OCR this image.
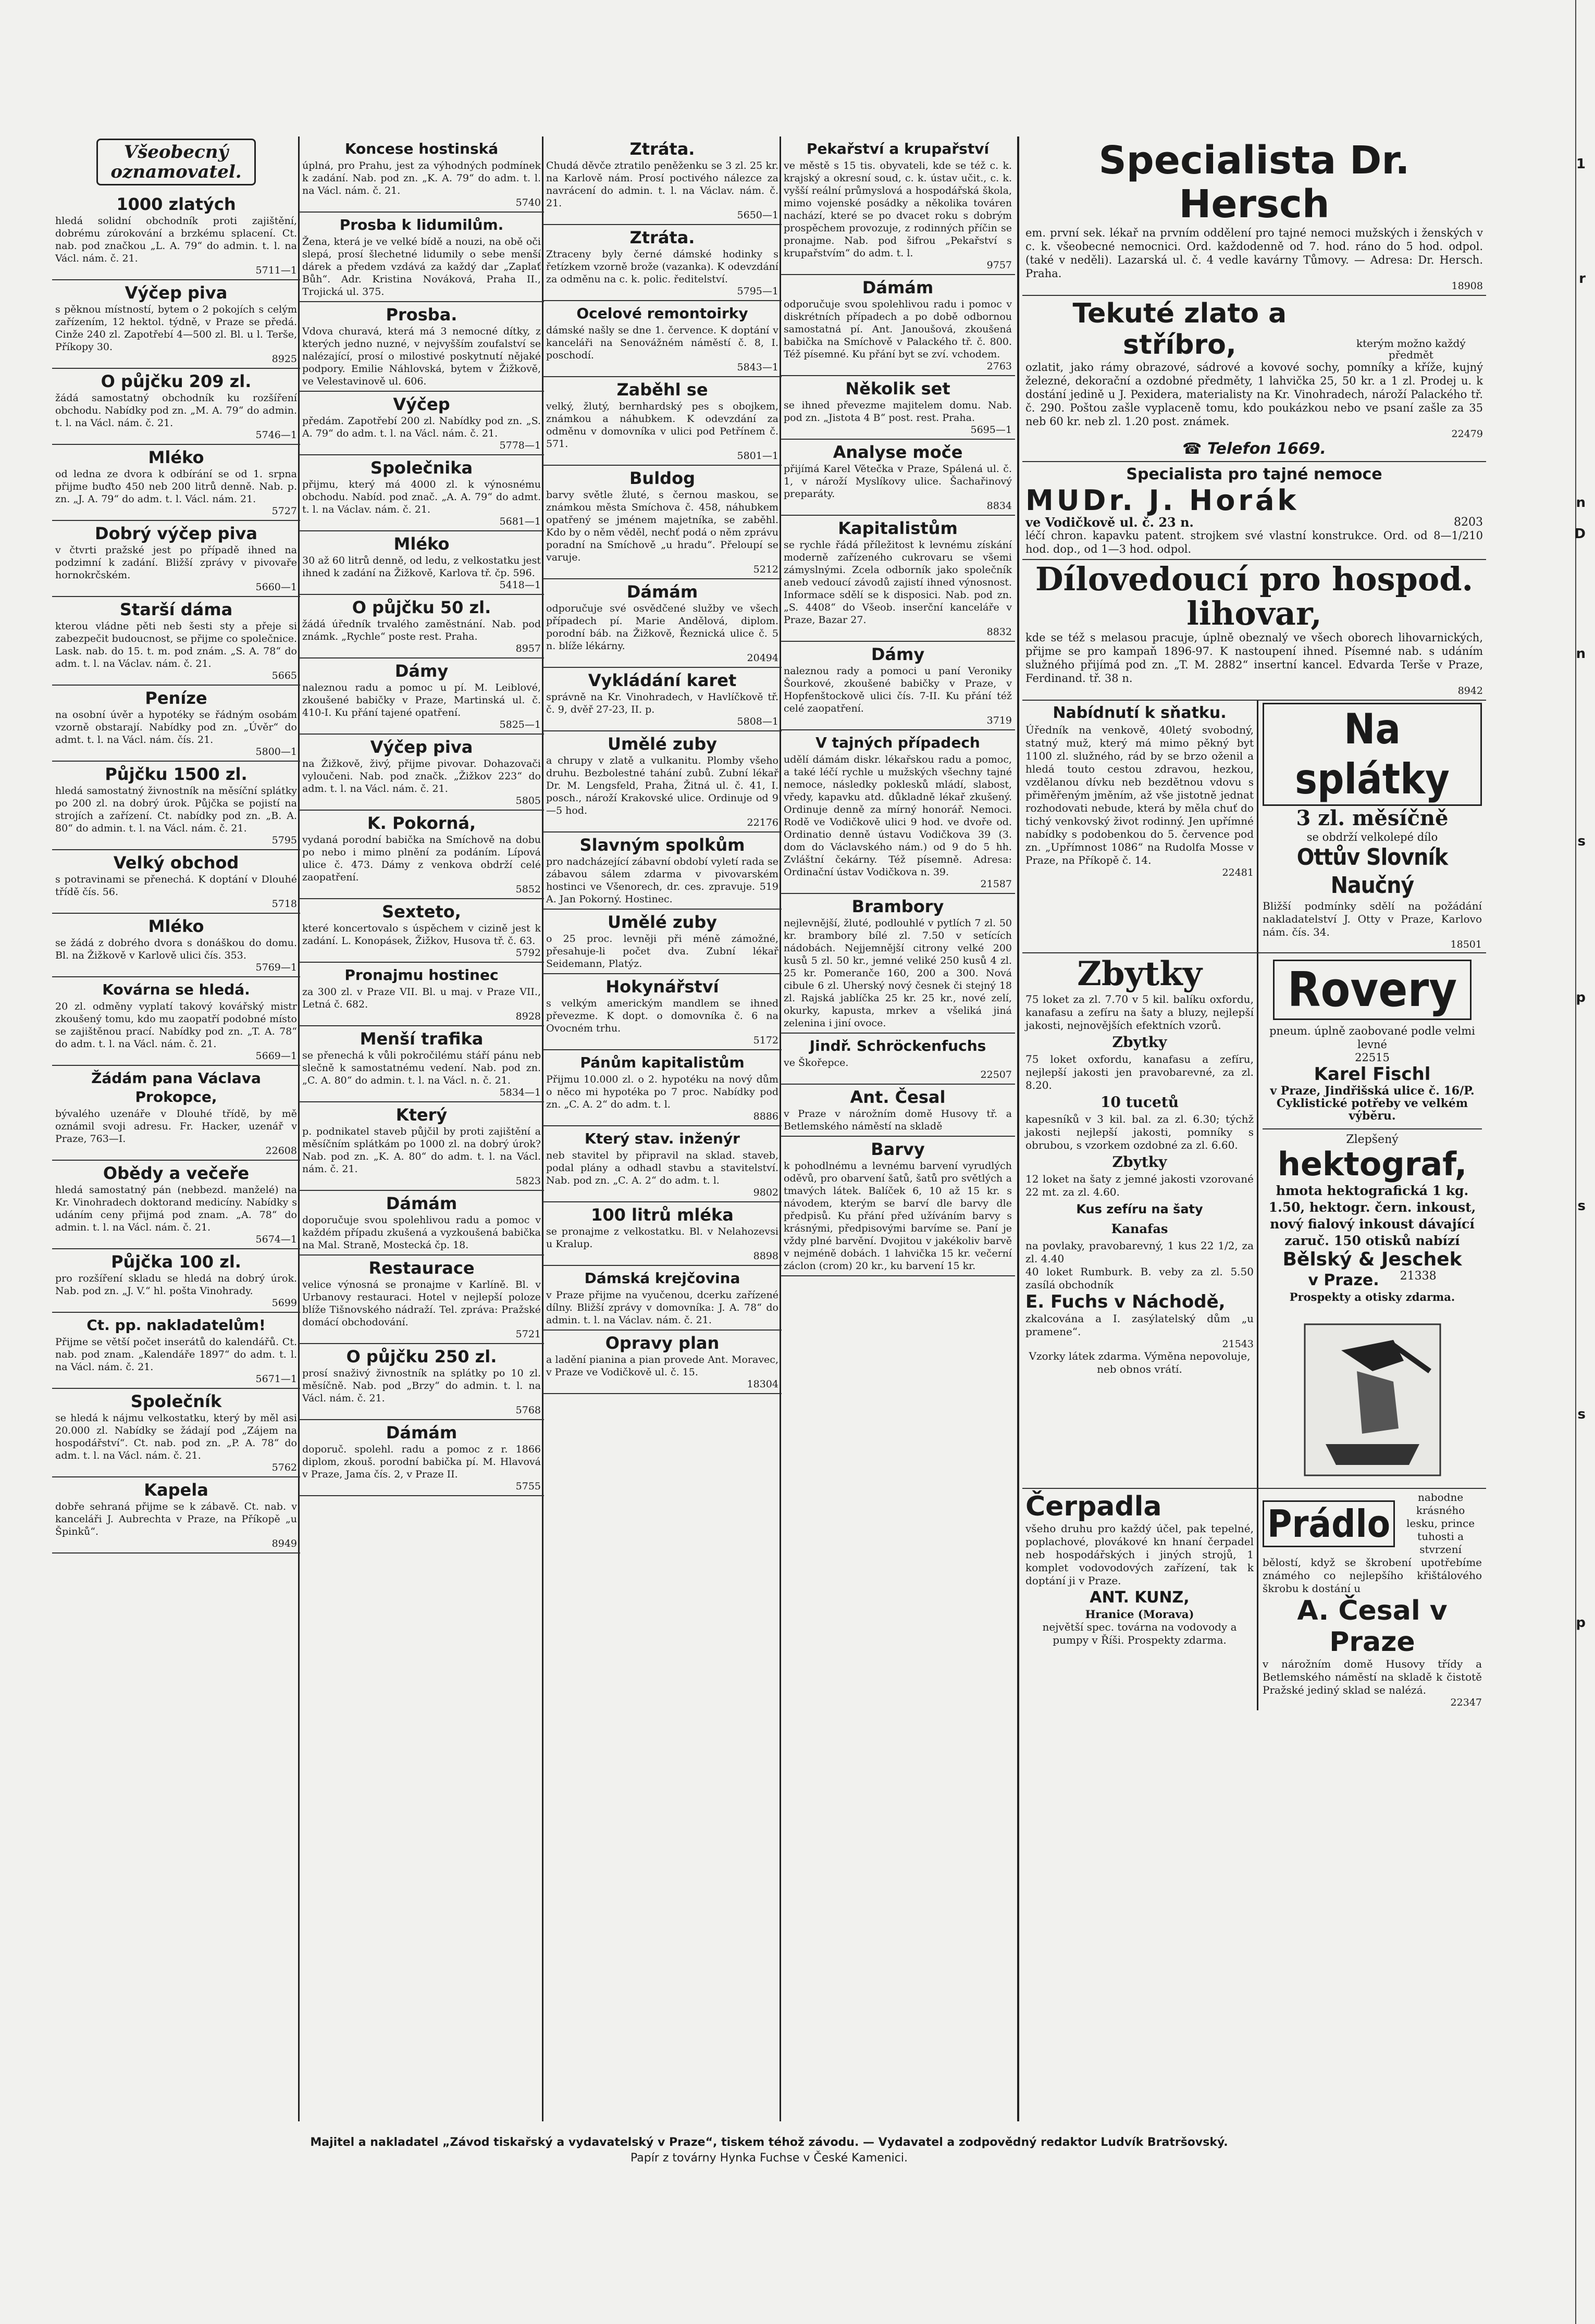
1
r
n
D
n
s
p
s
s
p
Všeobecný oznamovatel.
1000 zlatých
hledá solidní obchodník proti zajištění, dobrému zúrokování a brzkému splacení. Ct. nab. pod značkou „L. A. 79“ do admin. t. l. na Václ. nám. č. 21.
5711—1
Výčep piva
s pěknou místností, bytem o 2 pokojích s celým zařízením, 12 hektol. týdně, v Praze se předá. Cinže 240 zl. Zapotřebí 4—500 zl. Bl. u l. Terše, Příkopy 30.
8925
O půjčku 209 zl.
žádá samostatný obchodník ku rozšíření obchodu. Nabídky pod zn. „M. A. 79“ do admin. t. l. na Václ. nám. č. 21.
5746—1
Mléko
od ledna ze dvora k odbírání se od 1. srpna přijme buďto 450 neb 200 litrů denně. Nab. p. zn. „J. A. 79“ do adm. t. l. Václ. nám. 21.
5727
Dobrý výčep piva
v čtvrti pražské jest po případě ihned na podzimní k zadání. Bližší zprávy v pivovaře hornokrčském.
5660—1
Starší dáma
kterou vládne pěti neb šesti sty a přeje si zabezpečit budoucnost, se přijme co společnice. Lask. nab. do 15. t. m. pod znám. „S. A. 78“ do adm. t. l. na Václav. nám. č. 21.
5665
Peníze
na osobní úvěr a hypotéky se řádným osobám vzorně obstarají. Nabídky pod zn. „Úvěr“ do admt. t. l. na Václ. nám. čís. 21.
5800—1
Půjčku 1500 zl.
hledá samostatný živnostník na měsíční splátky po 200 zl. na dobrý úrok. Půjčka se pojistí na strojích a zařízení. Ct. nabídky pod zn. „B. A. 80“ do admin. t. l. na Václ. nám. č. 21.
5795
Velký obchod
s potravinami se přenechá. K doptání v Dlouhé třídě čís. 56.
5718
Mléko
se žádá z dobrého dvora s donáškou do domu. Bl. na Žižkově v Karlově ulici čís. 353.
5769—1
Kovárna se hledá.
20 zl. odměny vyplatí takový kovářský mistr zkoušený tomu, kdo mu zaopatří podobné místo se zajištěnou prací. Nabídky pod zn. „T. A. 78“ do adm. t. l. na Václ. nám. č. 21.
5669—1
Žádám pana Václava Prokopce,
bývalého uzenáře v Dlouhé třídě, by mě oznámil svoji adresu. Fr. Hacker, uzenář v Praze, 763—I.
22608
Obědy a večeře
hledá samostatný pán (nebbezd. manželé) na Kr. Vinohradech doktorand medicíny. Nabídky s udáním ceny přijmá pod znam. „A. 78“ do admin. t. l. na Václ. nám. č. 21.
5674—1
Půjčka 100 zl.
pro rozšíření skladu se hledá na dobrý úrok. Nab. pod zn. „J. V.“ hl. pošta Vinohrady.
5699
Ct. pp. nakladatelům!
Přijme se větší počet inserátů do kalendářů. Ct. nab. pod znam. „Kalendáře 1897“ do adm. t. l. na Václ. nám. č. 21.
5671—1
Společník
se hledá k nájmu velkostatku, který by měl asi 20.000 zl. Nabídky se žádají pod „Zájem na hospodářství“. Ct. nab. pod zn. „P. A. 78“ do adm. t. l. na Václ. nám. č. 21.
5762
Kapela
dobře sehraná přijme se k zábavě. Ct. nab. v kanceláři J. Aubrechta v Praze, na Příkopě „u Špinků“.
8949
Koncese hostinská
úplná, pro Prahu, jest za výhodných podmínek k zadání. Nab. pod zn. „K. A. 79“ do adm. t. l. na Václ. nám. č. 21.
5740
Prosba k lidumilům.
Žena, která je ve velké bídě a nouzi, na obě oči slepá, prosí šlechetné lidumily o sebe menší dárek a předem vzdává za každý dar „Zaplať Bůh“. Adr. Kristina Nováková, Praha II., Trojická ul. 375.
Prosba.
Vdova churavá, která má 3 nemocné dítky, z kterých jedno nuzné, v nejvyšším zoufalství se nalézající, prosí o milostivé poskytnutí nějaké podpory. Emilie Náhlovská, bytem v Žižkově, ve Velestavinově ul. 606.
Výčep
předám. Zapotřebí 200 zl. Nabídky pod zn. „S. A. 79“ do adm. t. l. na Václ. nám. č. 21.
5778—1
Společnika
přijmu, který má 4000 zl. k výnosnému obchodu. Nabíd. pod znač. „A. A. 79“ do admt. t. l. na Václav. nám. č. 21.
5681—1
Mléko
30 až 60 litrů denně, od ledu, z velkostatku jest ihned k zadání na Žižkově, Karlova tř. čp. 596.
5418—1
O půjčku 50 zl.
žádá úředník trvalého zaměstnání. Nab. pod známk. „Rychle“ poste rest. Praha.
8957
Dámy
naleznou radu a pomoc u pí. M. Leiblové, zkoušené babičky v Praze, Martinská ul. č. 410-I. Ku přání tajené opatření.
5825—1
Výčep piva
na Žižkově, živý, přijme pivovar. Dohazovači vyloučeni. Nab. pod značk. „Žižkov 223“ do adm. t. l. na Václ. nám. č. 21.
5805
K. Pokorná,
vydaná porodní babička na Smíchově na dobu po nebo i mimo plnění za podáním. Lípová ulice č. 473. Dámy z venkova obdrží celé zaopatření.
5852
Sexteto,
které koncertovalo s úspěchem v cizině jest k zadání. L. Konopásek, Žižkov, Husova tř. č. 63.
5792
Pronajmu hostinec
za 300 zl. v Praze VII. Bl. u maj. v Praze VII., Letná č. 682.
8928
Menší trafika
se přenechá k vůli pokročilému stáří pánu neb slečně k samostatnému vedení. Nab. pod zn. „C. A. 80“ do admin. t. l. na Václ. n. č. 21.
5834—1
Který
p. podnikatel staveb půjčil by proti zajištění a měsíčním splátkám po 1000 zl. na dobrý úrok? Nab. pod zn. „K. A. 80“ do adm. t. l. na Václ. nám. č. 21.
5823
Dámám
doporučuje svou spolehlivou radu a pomoc v každém případu zkušená a vyzkoušená babička na Mal. Straně, Mostecká čp. 18.
Restaurace
velice výnosná se pronajme v Karlíně. Bl. v Urbanovy restauraci. Hotel v nejlepší poloze blíže Tišnovského nádraží. Tel. zpráva: Pražské domácí obchodování.
5721
O půjčku 250 zl.
prosí snaživý živnostník na splátky po 10 zl. měsíčně. Nab. pod „Brzy“ do admin. t. l. na Václ. nám. č. 21.
5768
Dámám
doporuč. spolehl. radu a pomoc z r. 1866 diplom, zkouš. porodní babička pí. M. Hlavová v Praze, Jama čís. 2, v Praze II.
5755
Ztráta.
Chudá děvče ztratilo peněženku se 3 zl. 25 kr. na Karlově nám. Prosí poctivého nálezce za navrácení do admin. t. l. na Václav. nám. č. 21.
5650—1
Ztráta.
Ztraceny byly černé dámské hodinky s řetízkem vzorně brože (vazanka). K odevzdání za odměnu na c. k. polic. ředitelství.
5795—1
Ocelové remontoirky
dámské našly se dne 1. července. K doptání v kanceláři na Senovážném náměstí č. 8, I. poschodí.
5843—1
Zaběhl se
velký, žlutý, bernhardský pes s obojkem, známkou a náhubkem. K odevzdání za odměnu v domovníka v ulici pod Petřínem č. 571.
5801—1
Buldog
barvy světle žluté, s černou maskou, se známkou města Smíchova č. 458, náhubkem opatřený se jménem majetníka, se zaběhl. Kdo by o něm věděl, nechť podá o něm zprávu poradní na Smíchově „u hradu“. Přeloupí se varuje.
5212
Dámám
odporučuje své osvědčené služby ve všech případech pí. Marie Andělová, diplom. porodní báb. na Žižkově, Řeznická ulice č. 5 n. blíže lékárny.
20494
Vykládání karet
správně na Kr. Vinohradech, v Havlíčkově tř. č. 9, dvěř 27-23, II. p.
5808—1
Umělé zuby
a chrupy v zlatě a vulkanitu. Plomby všeho druhu. Bezbolestné tahání zubů. Zubní lékař Dr. M. Lengsfeld, Praha, Žitná ul. č. 41, I. posch., nároží Krakovské ulice. Ordinuje od 9—5 hod.
22176
Slavným spolkům
pro nadcházející zábavní období vyletí rada se zábavou sálem zdarma v pivovarském hostinci ve Všenorech, dr. ces. zpravuje. 519 A. Jan Pokorný. Hostinec.
Umělé zuby
o 25 proc. levněji při méně zámožné, přesahuje-li počet dva. Zubní lékař Seidemann, Platýz.
Hokynářství
s velkým americkým mandlem se ihned převezme. K dopt. o domovníka č. 6 na Ovocném trhu.
5172
Pánům kapitalistům
Přijmu 10.000 zl. o 2. hypotéku na nový dům o něco mi hypotéka po 7 proc. Nabídky pod zn. „C. A. 2“ do adm. t. l.
8886
Který stav. inženýr
neb stavitel by připravil na sklad. staveb, podal plány a odhadl stavbu a stavitelství. Nab. pod zn. „C. A. 2“ do adm. t. l.
9802
100 litrů mléka
se pronajme z velkostatku. Bl. v Nelahozevsi u Kralup.
8898
Dámská krejčovina
v Praze přijme na vyučenou, dcerku zařízené dílny. Bližší zprávy v domovníka: J. A. 78“ do admin. t. l. na Václav. nám. č. 21.
Opravy plan
a ladění pianina a pian provede Ant. Moravec, v Praze ve Vodičkově ul. č. 15.
18304
Pekařství a krupařství
ve městě s 15 tis. obyvateli, kde se též c. k. krajský a okresní soud, c. k. ústav učit., c. k. vyšší reální průmyslová a hospodářská škola, mimo vojenské posádky a několika továren nachází, které se po dvacet roku s dobrým prospěchem provozuje, z rodinných příčin se pronajme. Nab. pod šifrou „Pekařství s krupařstvím“ do adm. t. l.
9757
Dámám
odporučuje svou spolehlivou radu i pomoc v diskrétních případech a po době odbornou samostatná pí. Ant. Janoušová, zkoušená babička na Smíchově v Palackého tř. č. 800. Též písemné. Ku přání byt se zví. vchodem.
2763
Několik set
se ihned převezme majitelem domu. Nab. pod zn. „Jistota 4 B“ post. rest. Praha.
5695—1
Analyse moče
přijímá Karel Větečka v Praze, Spálená ul. č. 1, v nároží Myslíkovy ulice. Šachařinový preparáty.
8834
Kapitalistům
se rychle řádá příležitost k levnému získání moderně zařízeného cukrovaru se všemi zámyslnými. Zcela odborník jako společník aneb vedoucí závodů zajistí ihned výnosnost. Informace sdělí se k disposici. Nab. pod zn. „S. 4408“ do Všeob. inserční kanceláře v Praze, Bazar 27.
8832
Dámy
naleznou rady a pomoci u paní Veroniky Šourkové, zkoušené babičky v Praze, v Hopfenštockově ulici čís. 7-II. Ku přání též celé zaopatření.
3719
V tajných případech
udělí dámám diskr. lékařskou radu a pomoc, a také léčí rychle u mužských všechny tajné nemoce, následky poklesků mládí, slabost, vředy, kapavku atd. důkladně lékař zkušený. Ordinuje denně za mírný honorář. Nemoci. Rodě ve Vodičkově ulici 9 hod. ve dvoře od. Ordinatio denně ústavu Vodičkova 39 (3. dom do Václavského nám.) od 9 do 5 hh. Zvláštní čekárny. Též písemně. Adresa: Ordinační ústav Vodičkova n. 39.
21587
Brambory
nejlevnější, žluté, podlouhlé v pytlích 7 zl. 50 kr. brambory bílé zl. 7.50 v setících nádobách. Nejjemnější citrony velké 200 kusů 5 zl. 50 kr., jemné veliké 250 kusů 4 zl. 25 kr. Pomeranče 160, 200 a 300. Nová cibule 6 zl. Uherský nový česnek či stejný 18 zl. Rajská jablíčka 25 kr. 25 kr., nové zelí, okurky, kapusta, mrkev a všeliká jiná zelenina i jiní ovoce.
Jindř. Schröckenfuchs
ve Škořepce.
22507
Ant. Česal
v Praze v nárožním domě Husovy tř. a Betlemského náměstí na skladě
Barvy
k pohodlnému a levnému barvení vyrudlých oděvů, pro obarvení šatů, šatů pro světlých a tmavých látek. Balíček 6, 10 až 15 kr. s návodem, kterým se barví dle barvy dle předpisů. Ku přání před užíváním barvy s krásnými, předpisovými barvíme se. Paní je vždy plné barvění. Dvojitou v jakékoliv barvě v nejméně dobách. 1 lahvička 15 kr. večerní záclon (crom) 20 kr., ku barvení 15 kr.
Specialista Dr. Hersch
em. první sek. lékař na prvním oddělení pro tajné nemoci mužských i ženských v c. k. všeobecné nemocnici. Ord. každodenně od 7. hod. ráno do 5 hod. odpol. (také v neděli). Lazarská ul. č. 4 vedle kavárny Tůmovy. — Adresa: Dr. Hersch. Praha.
18908
Tekuté zlato a stříbro,	kterým možno každý předmět
ozlatit, jako rámy obrazové, sádrové a kovové sochy, pomníky a kříže, kujný železné, dekorační a ozdobné předměty, 1 lahvička 25, 50 kr. a 1 zl. Prodej u. k dostání jedině u J. Pexidera, materialisty na Kr. Vinohradech, nároží Palackého tř. č. 290. Poštou zašle vyplaceně tomu, kdo poukázkou nebo ve psaní zašle za 35 neb 60 kr. neb zl. 1.20 post. známek.
22479
☎ Telefon 1669.
Specialista pro tajné nemoce
MUDr. J. Horák
ve Vodičkově ul. č. 23 n.	8203
léčí chron. kapavku patent. strojkem své vlastní konstrukce. Ord. od 8—1/210 hod. dop., od 1—3 hod. odpol.
Dílovedoucí pro hospod. lihovar,
kde se též s melasou pracuje, úplně obeznalý ve všech oborech lihovarnických, přijme se pro kampaň 1896-97. K nastoupení ihned. Písemné nab. s udáním služného přijímá pod zn. „T. M. 2882“ insertní kancel. Edvarda Terše v Praze, Ferdinand. tř. 38 n.
8942
Nabídnutí k sňatku.
Úředník na venkově, 40letý svobodný, statný muž, který má mimo pěkný byt 1100 zl. služného, rád by se brzo oženil a hledá touto cestou zdravou, hezkou, vzdělanou dívku neb bezdětnou vdovu s přiměřeným jměním, až vše jistotně jednat rozhodovati nebude, která by měla chuť do tichý venkovský život rodinný. Jen upřímné nabídky s podobenkou do 5. července pod zn. „Upřímnost 1086“ na Rudolfa Mosse v Praze, na Příkopě č. 14.
22481
Na splátky
3 zl. měsíčně
se obdrží velkolepé dílo
Ottův Slovník Naučný
Bližší podmínky sdělí na požádání nakladatelství J. Otty v Praze, Karlovo nám. čís. 34.
18501
Zbytky
75 loket za zl. 7.70 v 5 kil. balíku oxfordu, kanafasu a zefíru na šaty a bluzy, nejlepší jakosti, nejnovějších efektních vzorů.
Zbytky
75 loket oxfordu, kanafasu a zefíru, nejlepší jakosti jen pravobarevné, za zl. 8.20.
10 tucetů
kapesníků v 3 kil. bal. za zl. 6.30; týchž jakosti nejlepší jakosti, pomníky s obrubou, s vzorkem ozdobné za zl. 6.60.
Zbytky
12 loket na šaty z jemné jakosti vzorované 22 mt. za zl. 4.60.
Kus zefíru na šaty
Kanafas
na povlaky, pravobarevný, 1 kus 22 1/2, za zl. 4.40
40 loket Rumburk. B. veby za zl. 5.50 zasílá obchodník
E. Fuchs v Náchodě,
zkalcována a I. zasýlatelský dům „u pramene“.
21543
Vzorky látek zdarma. Výměna nepovoluje, neb obnos vrátí.
Rovery
pneum. úplně zaobované podle velmi levné
22515
Karel Fischl
v Praze, Jindřišská ulice č. 16/P.
Cyklistické potřeby ve velkém výběru.
Zlepšený
hektograf,
hmota hektografická 1 kg. 1.50, hektogr. čern. inkoust, nový fialový inkoust dávající zaruč. 150 otisků nabízí
Bělský & Jeschek
v Praze. 21338
Prospekty a otisky zdarma.
Čerpadla
všeho druhu pro každý účel, pak tepelné, poplachové, plovákové kn hnaní čerpadel neb hospodářských i jiných strojů, 1 komplet vodovodových zařízení, tak k doptání ji v Praze.
ANT. KUNZ,
Hranice (Morava)
největší spec. továrna na vodovody a pumpy v Říši. Prospekty zdarma.
Prádlo
nabodne krásného lesku, prince tuhosti a stvrzení
bělostí, když se škrobení upotřebíme známého co nejlepšího křištálového škrobu k dostání u
A. Česal v Praze
v nárožním domě Husovy třídy a Betlemského náměstí na skladě k čistotě Pražské jediný sklad se nalézá.
22347
Majitel a nakladatel „Závod tiskařský a vydavatelský v Praze“, tiskem téhož závodu. — Vydavatel a zodpovědný redaktor Ludvík Bratršovský.
Papír z továrny Hynka Fuchse v České Kamenici.
